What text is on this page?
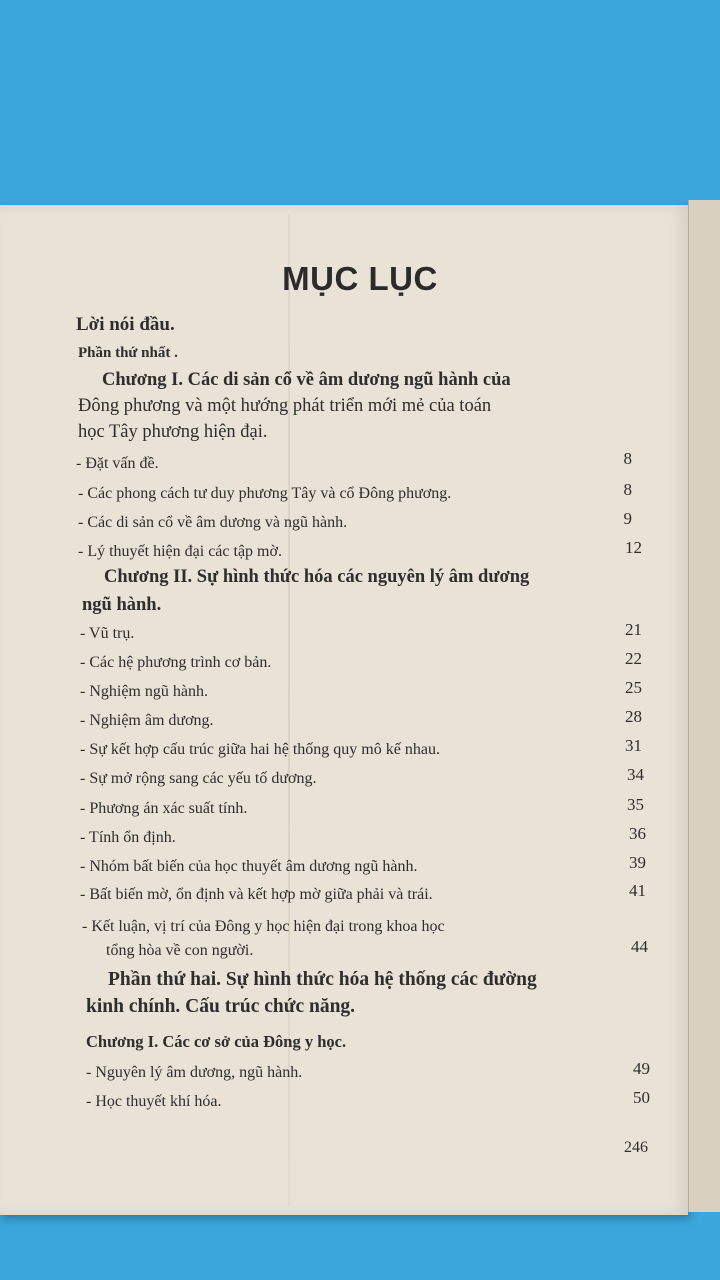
MỤC LỤC
Lời nói đầu.
Phần thứ nhất .
Chương I. Các di sản cổ về âm dương ngũ hành của
Đông phương và một hướng phát triển mới mẻ của toán
học Tây phương hiện đại.
- Đặt vấn đề.	8
- Các phong cách tư duy phương Tây và cổ Đông phương.	8
- Các di sản cổ về âm dương và ngũ hành.	9
- Lý thuyết hiện đại các tập mờ.	12
Chương II. Sự hình thức hóa các nguyên lý âm dương
ngũ hành.
- Vũ trụ.	21
- Các hệ phương trình cơ bản.	22
- Nghiệm ngũ hành.	25
- Nghiệm âm dương.	28
- Sự kết hợp cấu trúc giữa hai hệ thống quy mô kế nhau.	31
- Sự mở rộng sang các yếu tố dương.	34
- Phương án xác suất tính.	35
- Tính ổn định.	36
- Nhóm bất biến của học thuyết âm dương ngũ hành.	39
- Bất biến mờ, ổn định và kết hợp mờ giữa phải và trái.	41
- Kết luận, vị trí của Đông y học hiện đại trong khoa học
tổng hòa về con người.	44
Phần thứ hai. Sự hình thức hóa hệ thống các đường
kinh chính. Cấu trúc chức năng.
Chương I. Các cơ sở của Đông y học.
- Nguyên lý âm dương, ngũ hành.	49
- Học thuyết khí hóa.	50
246
